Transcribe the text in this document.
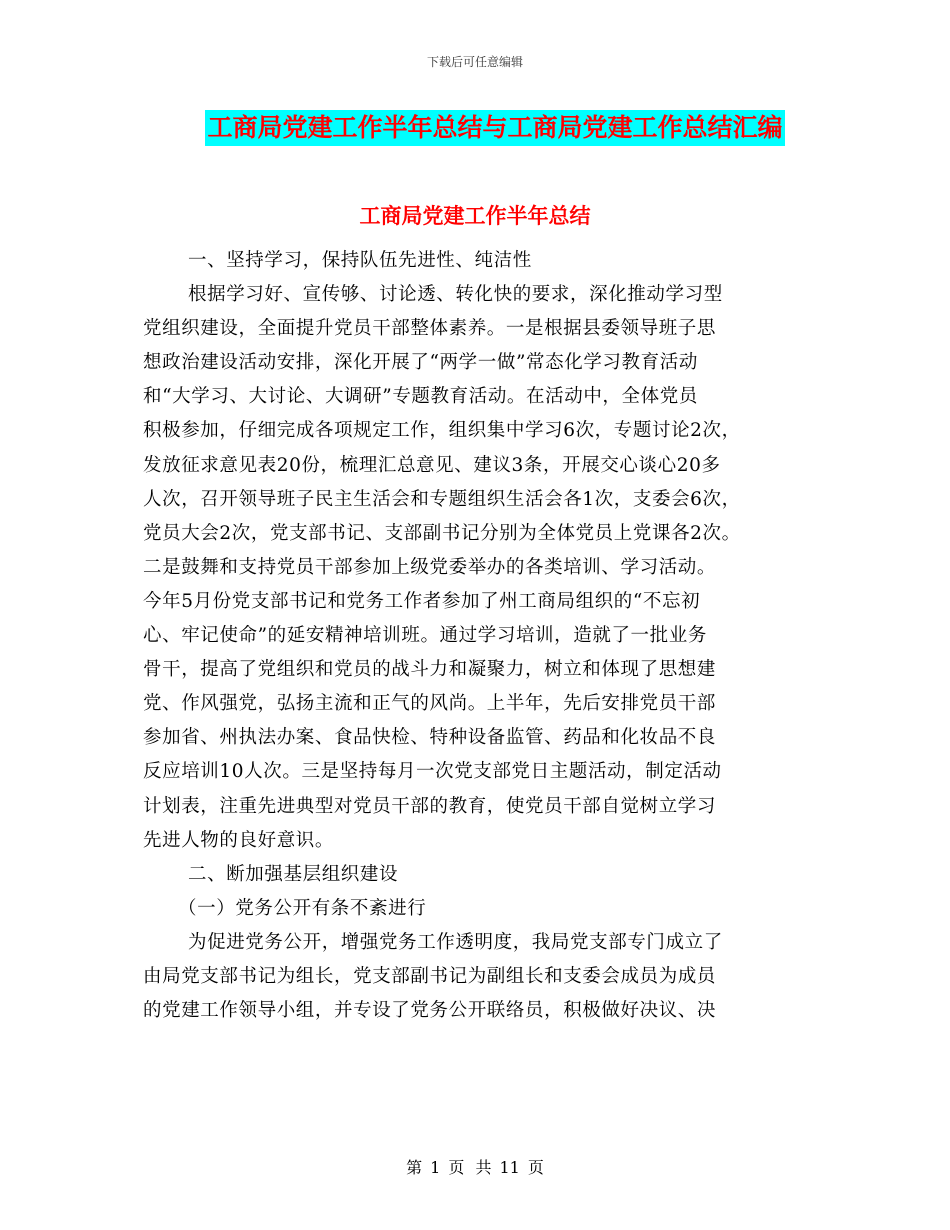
下载后可任意编辑
工商局党建工作半年总结与工商局党建工作总结汇编
工商局党建工作半年总结
一、坚持学习，保持队伍先进性、纯洁性
根据学习好、宣传够、讨论透、转化快的要求，深化推动学习型
党组织建设，全面提升党员干部整体素养。一是根据县委领导班子思
想政治建设活动安排，深化开展了“两学一做”常态化学习教育活动
和“大学习、大讨论、大调研”专题教育活动。在活动中，全体党员
积极参加，仔细完成各项规定工作，组织集中学习6次，专题讨论2次，
发放征求意见表20份，梳理汇总意见、建议3条，开展交心谈心20多
人次，召开领导班子民主生活会和专题组织生活会各1次，支委会6次，
党员大会2次，党支部书记、支部副书记分别为全体党员上党课各2次。
二是鼓舞和支持党员干部参加上级党委举办的各类培训、学习活动。
今年5月份党支部书记和党务工作者参加了州工商局组织的“不忘初
心、牢记使命”的延安精神培训班。通过学习培训，造就了一批业务
骨干，提高了党组织和党员的战斗力和凝聚力，树立和体现了思想建
党、作风强党，弘扬主流和正气的风尚。上半年，先后安排党员干部
参加省、州执法办案、食品快检、特种设备监管、药品和化妆品不良
反应培训10人次。三是坚持每月一次党支部党日主题活动，制定活动
计划表，注重先进典型对党员干部的教育，使党员干部自觉树立学习
先进人物的良好意识。
二、断加强基层组织建设
（一）党务公开有条不紊进行
为促进党务公开，增强党务工作透明度，我局党支部专门成立了
由局党支部书记为组长，党支部副书记为副组长和支委会成员为成员
的党建工作领导小组，并专设了党务公开联络员，积极做好决议、决
第 1 页 共 11 页
